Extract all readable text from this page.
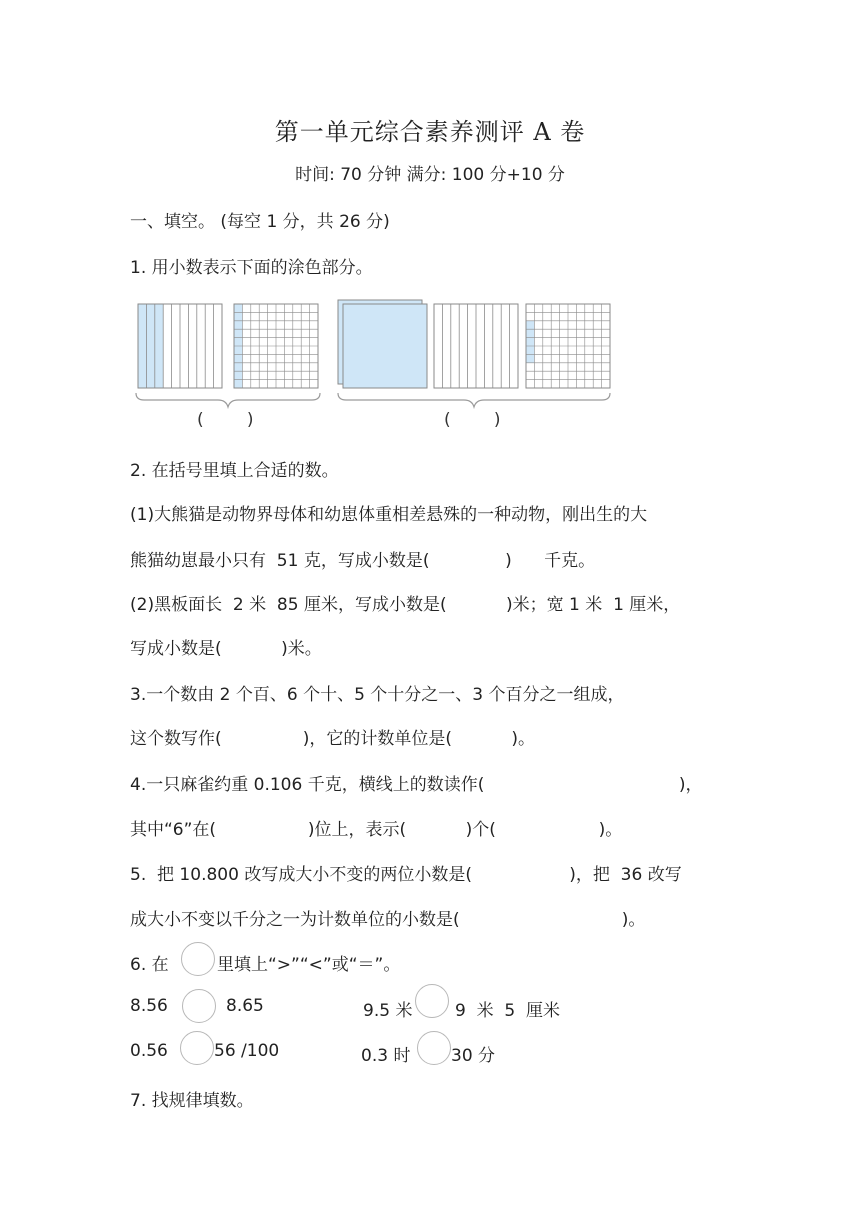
第一单元综合素养测评 A 卷
时间: 70 分钟 满分: 100 分+10 分
一、填空。 (每空 1 分，共 26 分)
1. 用小数表示下面的涂色部分。
(        )	(        )
2. 在括号里填上合适的数。
(1)大熊猫是动物界母体和幼崽体重相差悬殊的一种动物，刚出生的大
熊猫幼崽最小只有  51 克，写成小数是(              )      千克。
(2)黑板面长  2 米  85 厘米，写成小数是(           )米；宽 1 米  1 厘米，
写成小数是(           )米。
3.一个数由 2 个百、6 个十、5 个十分之一、3 个百分之一组成，
这个数写作(               )，它的计数单位是(           )。
4.一只麻雀约重 0.106 千克，横线上的数读作(                                    )，
其中“6”在(                 )位上，表示(           )个(                   )。
5.  把 10.800 改写成大小不变的两位小数是(                  )，把  36 改写
成大小不变以千分之一为计数单位的小数是(                              )。
6. 在	里填上“>”“<”或“＝”。
8.56	8.65	9.5 米	9  米  5  厘米
0.56	56 /100	0.3 时 30 分
7. 找规律填数。
